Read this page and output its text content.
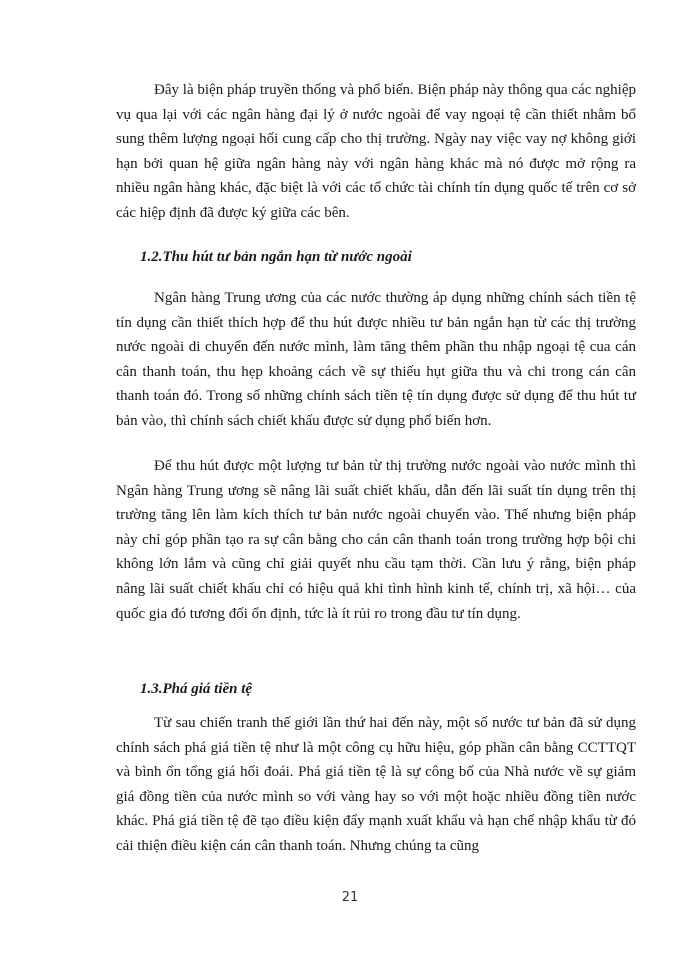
Đây là biện pháp truyền thống và phổ biến. Biện pháp này thông qua các nghiệp vụ qua lại với các ngân hàng đại lý ở nước ngoài để vay ngoại tệ cần thiết nhằm bổ sung thêm lượng ngoại hối cung cấp cho thị trường. Ngày nay việc vay nợ không giới hạn bởi quan hệ giữa ngân hàng này với ngân hàng khác mà nó được mở rộng ra nhiều ngân hàng khác, đặc biệt là với các tổ chức tài chính tín dụng quốc tế trên cơ sở các hiệp định đã được ký giữa các bên.

1.2.Thu hút tư bản ngắn hạn từ nước ngoài

Ngân hàng Trung ương của các nước thường áp dụng những chính sách tiền tệ tín dụng cần thiết thích hợp để thu hút được nhiều tư bản ngắn hạn từ các thị trường nước ngoài di chuyển đến nước mình, làm tăng thêm phần thu nhập ngoại tệ cua cán cân thanh toán, thu hẹp khoảng cách về sự thiếu hụt giữa thu và chi trong cán cân thanh toán đó. Trong số những chính sách tiền tệ tín dụng được sử dụng để thu hút tư bản vào, thì chính sách chiết khấu được sử dụng phổ biến hơn.

Để thu hút được một lượng tư bản từ thị trường nước ngoài vào nước mình thì Ngân hàng Trung ương sẽ nâng lãi suất chiết khấu, dẫn đến lãi suất tín dụng trên thị trường tăng lên làm kích thích tư bản nước ngoài chuyển vào. Thế nhưng biện pháp này chỉ góp phần tạo ra sự cân bằng cho cán cân thanh toán trong trường hợp bội chi không lớn lắm và cũng chỉ giải quyết nhu cầu tạm thời. Cần lưu ý rằng, biện pháp nâng lãi suất chiết khấu chỉ có hiệu quả khi tình hình kinh tế, chính trị, xã hội… của quốc gia đó tương đối ổn định, tức là ít rủi ro trong đầu tư tín dụng.

1.3.Phá giá tiền tệ

Từ sau chiến tranh thế giới lần thứ hai đến này, một số nước tư bản đã sử dụng chính sách phá giá tiền tệ như là một công cụ hữu hiệu, góp phần cân bằng CCTTQT và bình ổn tổng giá hối đoái. Phá giá tiền tệ là sự công bố của Nhà nước về sự giảm giá đồng tiền của nước mình so với vàng hay so với một hoặc nhiều đồng tiền nước khác. Phá giá tiền tệ đẽ tạo điều kiện đẩy mạnh xuất khẩu và hạn chế nhập khẩu từ đó cải thiện điều kiện cán cân thanh toán. Nhưng chúng ta cũng

21
